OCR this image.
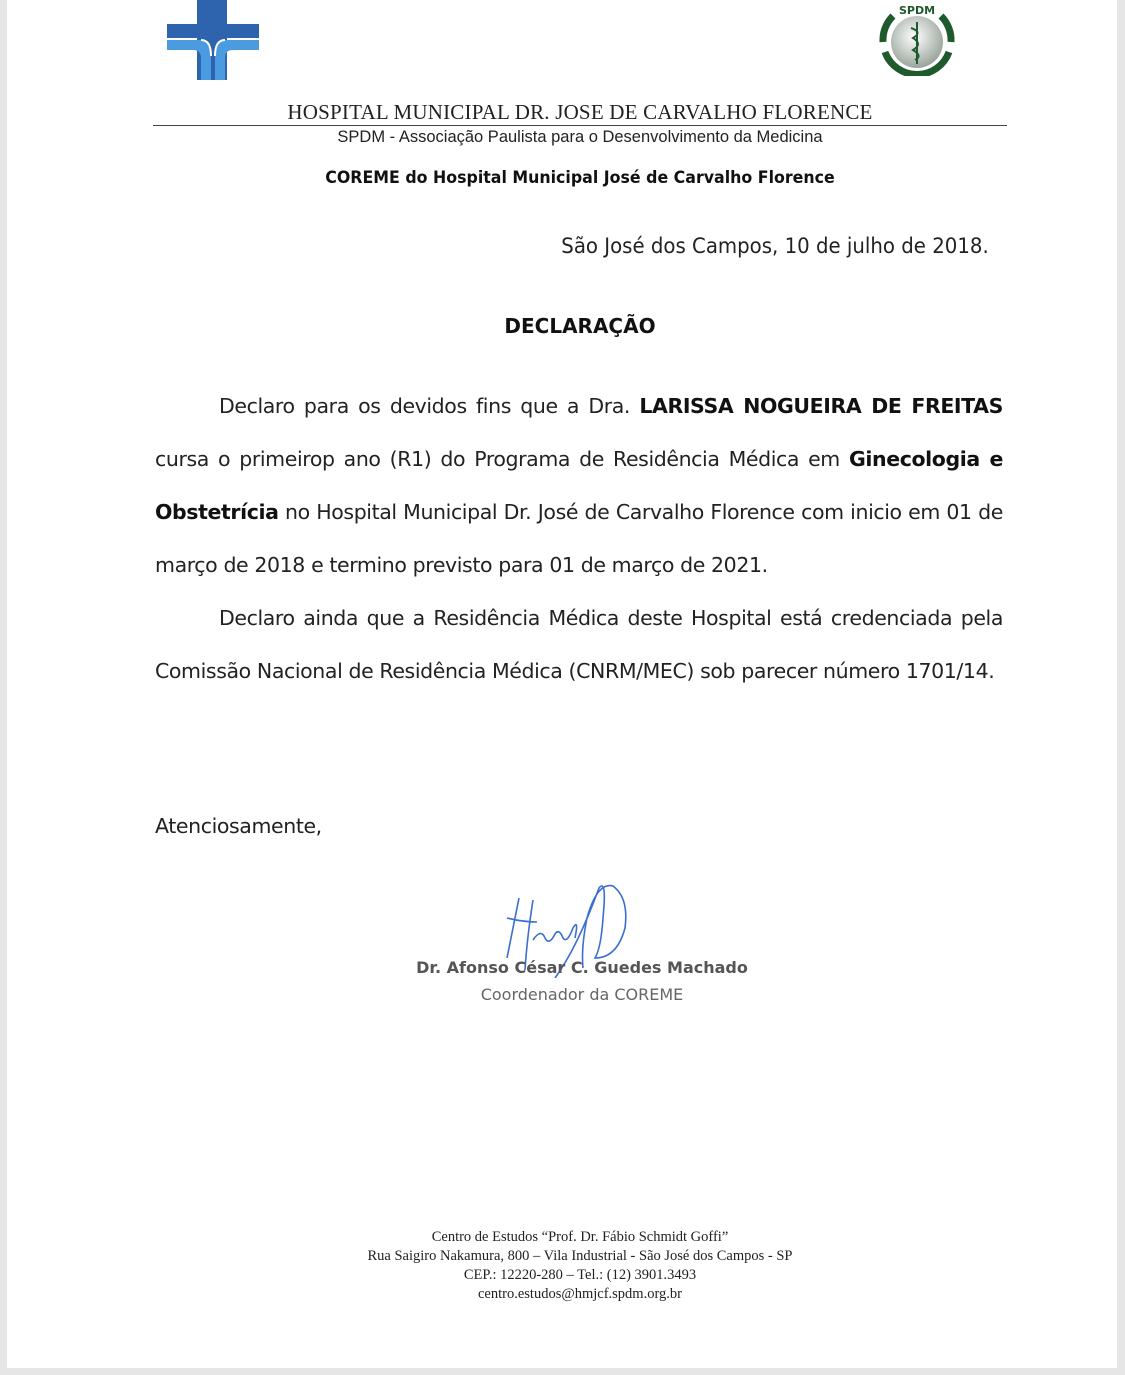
SPDM
HOSPITAL MUNICIPAL DR. JOSE DE CARVALHO FLORENCE
SPDM - Associação Paulista para o Desenvolvimento da Medicina
COREME do Hospital Municipal José de Carvalho Florence
São José dos Campos, 10 de julho de 2018.
DECLARAÇÃO

Declaro para os devidos fins que a Dra. LARISSA NOGUEIRA DE FREITAS cursa o primeirop ano (R1) do Programa de Residência Médica em Ginecologia e Obstetrícia no Hospital Municipal Dr. José de Carvalho Florence com inicio em 01 de março de 2018 e termino previsto para 01 de março de 2021.

Declaro ainda que a Residência Médica deste Hospital está credenciada pela Comissão Nacional de Residência Médica (CNRM/MEC) sob parecer número 1701/14.

Atenciosamente,
Dr. Afonso César C. Guedes Machado
Coordenador da COREME
Centro de Estudos “Prof. Dr. Fábio Schmidt Goffi”
Rua Saigiro Nakamura, 800 – Vila Industrial - São José dos Campos - SP
CEP.: 12220-280 – Tel.: (12) 3901.3493
centro.estudos@hmjcf.spdm.org.br
